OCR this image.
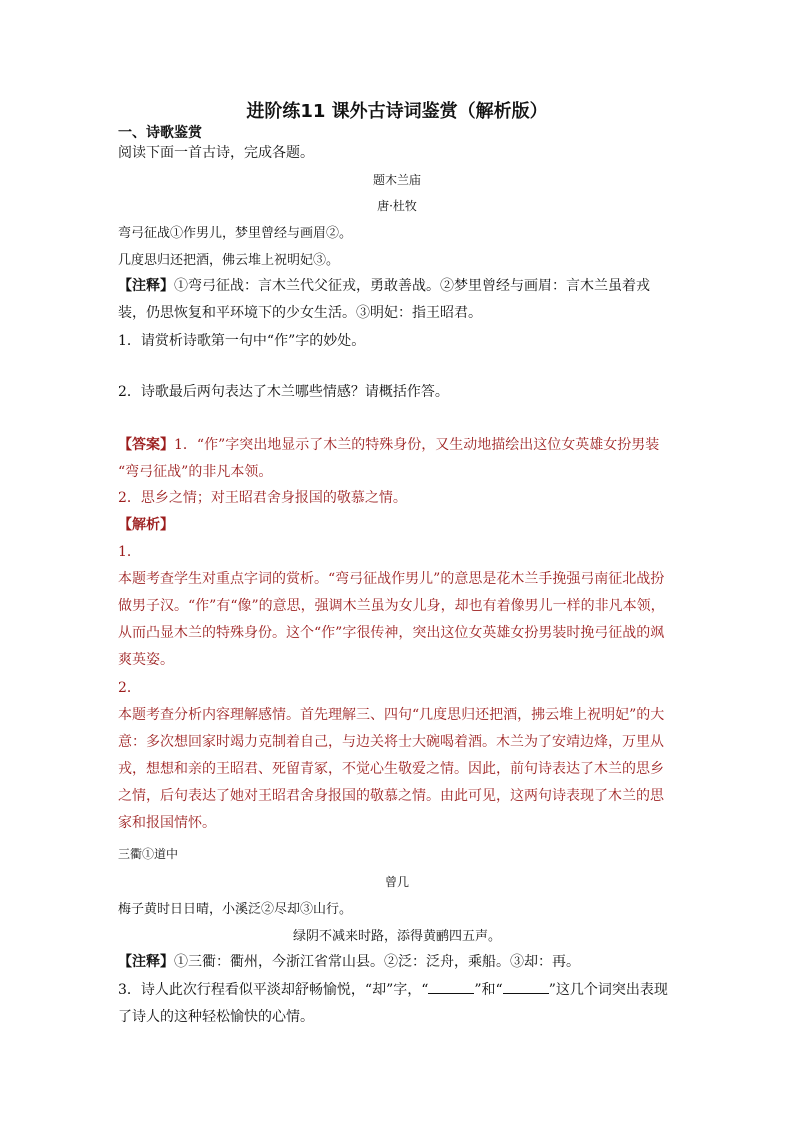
进阶练11 课外古诗词鉴赏（解析版）
一、诗歌鉴赏
阅读下面一首古诗，完成各题。
题木兰庙
唐·杜牧
弯弓征战①作男儿，梦里曾经与画眉②。
几度思归还把酒，佛云堆上祝明妃③。
【注释】①弯弓征战：言木兰代父征戎，勇敢善战。②梦里曾经与画眉：言木兰虽着戎
装，仍思恢复和平环境下的少女生活。③明妃：指王昭君。
1．请赏析诗歌第一句中“作”字的妙处。
2．诗歌最后两句表达了木兰哪些情感？请概括作答。
【答案】1．“作”字突出地显示了木兰的特殊身份，又生动地描绘出这位女英雄女扮男装
“弯弓征战”的非凡本领。
2．思乡之情；对王昭君舍身报国的敬慕之情。
【解析】
1．
本题考查学生对重点字词的赏析。“弯弓征战作男儿”的意思是花木兰手挽强弓南征北战扮
做男子汉。“作”有“像”的意思，强调木兰虽为女儿身，却也有着像男儿一样的非凡本领，
从而凸显木兰的特殊身份。这个“作”字很传神，突出这位女英雄女扮男装时挽弓征战的飒
爽英姿。
2．
本题考查分析内容理解感情。首先理解三、四句“几度思归还把酒，拂云堆上祝明妃”的大
意：多次想回家时竭力克制着自己，与边关将士大碗喝着酒。木兰为了安靖边烽，万里从
戎，想想和亲的王昭君、死留青冢，不觉心生敬爱之情。因此，前句诗表达了木兰的思乡
之情，后句表达了她对王昭君舍身报国的敬慕之情。由此可见，这两句诗表现了木兰的思
家和报国情怀。
三衢①道中
曾几
梅子黄时日日晴，小溪泛②尽却③山行。
绿阴不减来时路，添得黄鹂四五声。
【注释】①三衢：衢州，今浙江省常山县。②泛：泛舟，乘船。③却：再。
3．诗人此次行程看似平淡却舒畅愉悦，“却”字，“	”和“	”这几个词突出表现
了诗人的这种轻松愉快的心情。
